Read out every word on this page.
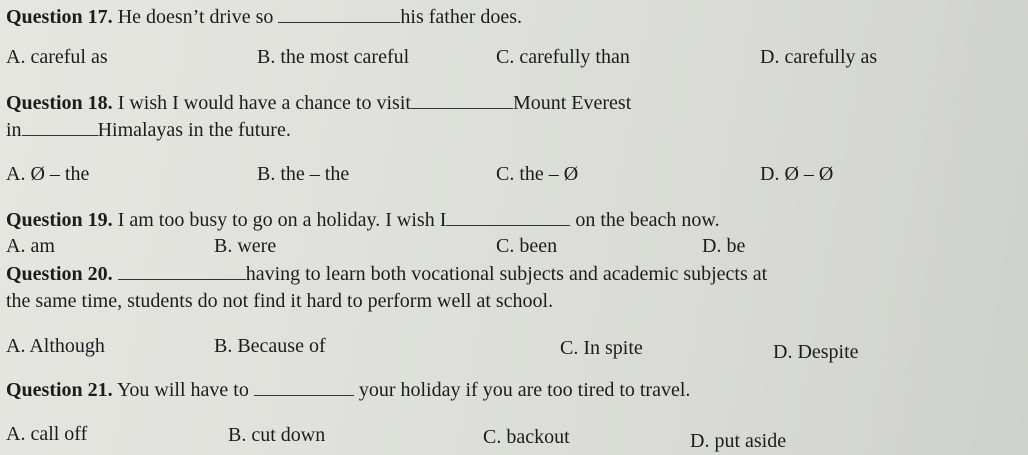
Question 17. He doesn’t drive so	his father does.
A. careful as	B. the most careful	C. carefully than	D. carefully as
Question 18. I wish I would have a chance to visit	Mount Everest
in	Himalayas in the future.
A. Ø – the	B. the – the	C. the – Ø	D. Ø – Ø
Question 19. I am too busy to go on a holiday. I wish I	on the beach now.
A. am	B. were	C. been	D. be
Question 20.	having to learn both vocational subjects and academic subjects at
the same time, students do not find it hard to perform well at school.
A. Although	B. Because of	C. In spite	D. Despite
Question 21. You will have to	your holiday if you are too tired to travel.
A. call off	B. cut down	C. backout	D. put aside
